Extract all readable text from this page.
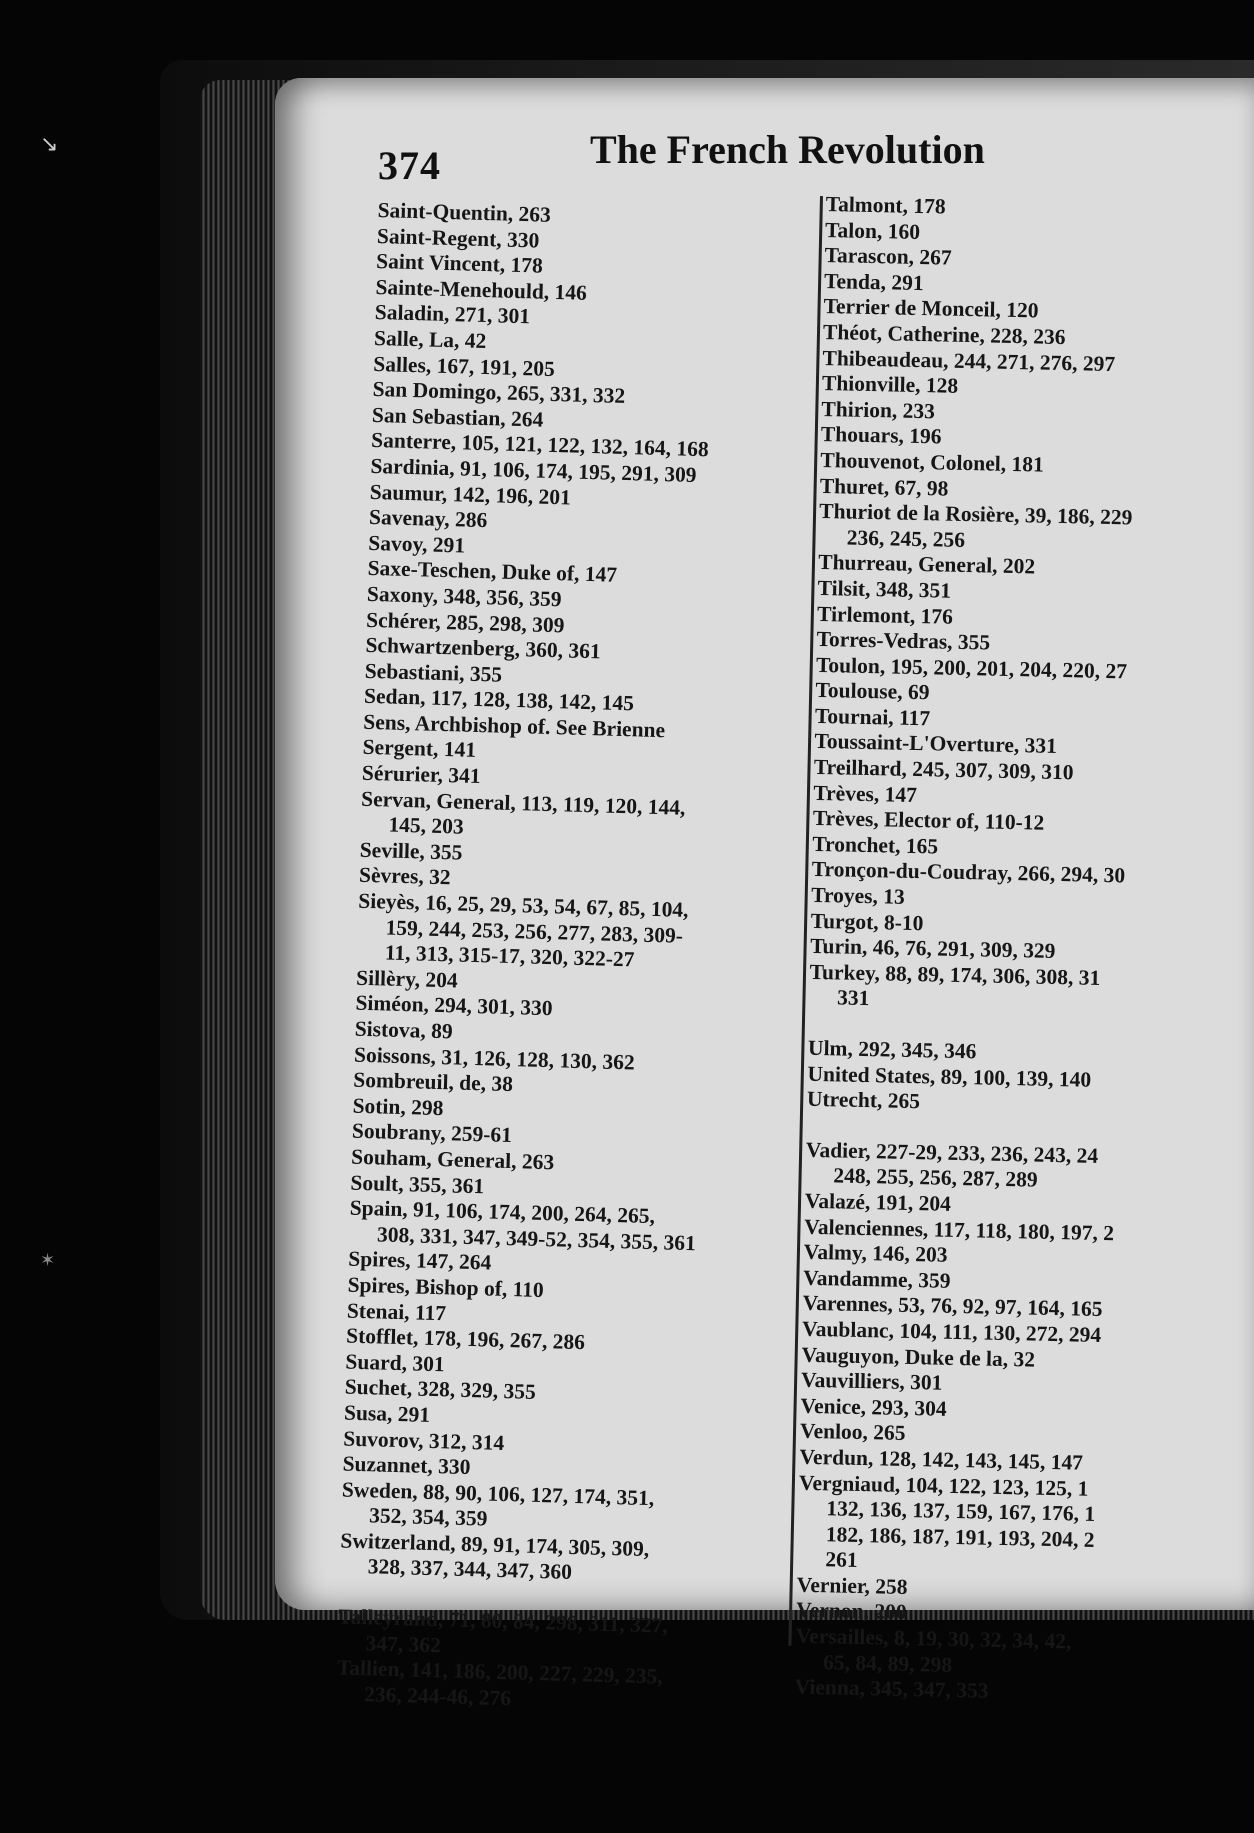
↘
✶
374	The French Revolution
Saint-Quentin, 263
Saint-Regent, 330
Saint Vincent, 178
Sainte-Menehould, 146
Saladin, 271, 301
Salle, La, 42
Salles, 167, 191, 205
San Domingo, 265, 331, 332
San Sebastian, 264
Santerre, 105, 121, 122, 132, 164, 168
Sardinia, 91, 106, 174, 195, 291, 309
Saumur, 142, 196, 201
Savenay, 286
Savoy, 291
Saxe-Teschen, Duke of, 147
Saxony, 348, 356, 359
Schérer, 285, 298, 309
Schwartzenberg, 360, 361
Sebastiani, 355
Sedan, 117, 128, 138, 142, 145
Sens, Archbishop of. See Brienne
Sergent, 141
Sérurier, 341
Servan, General, 113, 119, 120, 144,
145, 203
Seville, 355
Sèvres, 32
Sieyès, 16, 25, 29, 53, 54, 67, 85, 104,
159, 244, 253, 256, 277, 283, 309-
11, 313, 315-17, 320, 322-27
Sillèry, 204
Siméon, 294, 301, 330
Sistova, 89
Soissons, 31, 126, 128, 130, 362
Sombreuil, de, 38
Sotin, 298
Soubrany, 259-61
Souham, General, 263
Soult, 355, 361
Spain, 91, 106, 174, 200, 264, 265,
308, 331, 347, 349-52, 354, 355, 361
Spires, 147, 264
Spires, Bishop of, 110
Stenai, 117
Stofflet, 178, 196, 267, 286
Suard, 301
Suchet, 328, 329, 355
Susa, 291
Suvorov, 312, 314
Suzannet, 330
Sweden, 88, 90, 106, 127, 174, 351,
352, 354, 359
Switzerland, 89, 91, 174, 305, 309,
328, 337, 344, 347, 360
Talleyrand, 71, 80, 84, 298, 311, 327,
347, 362
Tallien, 141, 186, 200, 227, 229, 235,
236, 244-46, 276
Talmont, 178
Talon, 160
Tarascon, 267
Tenda, 291
Terrier de Monceil, 120
Théot, Catherine, 228, 236
Thibeaudeau, 244, 271, 276, 297
Thionville, 128
Thirion, 233
Thouars, 196
Thouvenot, Colonel, 181
Thuret, 67, 98
Thuriot de la Rosière, 39, 186, 229
236, 245, 256
Thurreau, General, 202
Tilsit, 348, 351
Tirlemont, 176
Torres-Vedras, 355
Toulon, 195, 200, 201, 204, 220, 27
Toulouse, 69
Tournai, 117
Toussaint-L'Overture, 331
Treilhard, 245, 307, 309, 310
Trèves, 147
Trèves, Elector of, 110-12
Tronchet, 165
Tronçon-du-Coudray, 266, 294, 30
Troyes, 13
Turgot, 8-10
Turin, 46, 76, 291, 309, 329
Turkey, 88, 89, 174, 306, 308, 31
331
Ulm, 292, 345, 346
United States, 89, 100, 139, 140
Utrecht, 265
Vadier, 227-29, 233, 236, 243, 24
248, 255, 256, 287, 289
Valazé, 191, 204
Valenciennes, 117, 118, 180, 197, 2
Valmy, 146, 203
Vandamme, 359
Varennes, 53, 76, 92, 97, 164, 165
Vaublanc, 104, 111, 130, 272, 294
Vauguyon, Duke de la, 32
Vauvilliers, 301
Venice, 293, 304
Venloo, 265
Verdun, 128, 142, 143, 145, 147
Vergniaud, 104, 122, 123, 125, 1
132, 136, 137, 159, 167, 176, 1
182, 186, 187, 191, 193, 204, 2
261
Vernier, 258
Vernon, 200
Versailles, 8, 19, 30, 32, 34, 42,
65, 84, 89, 298
Vienna, 345, 347, 353
